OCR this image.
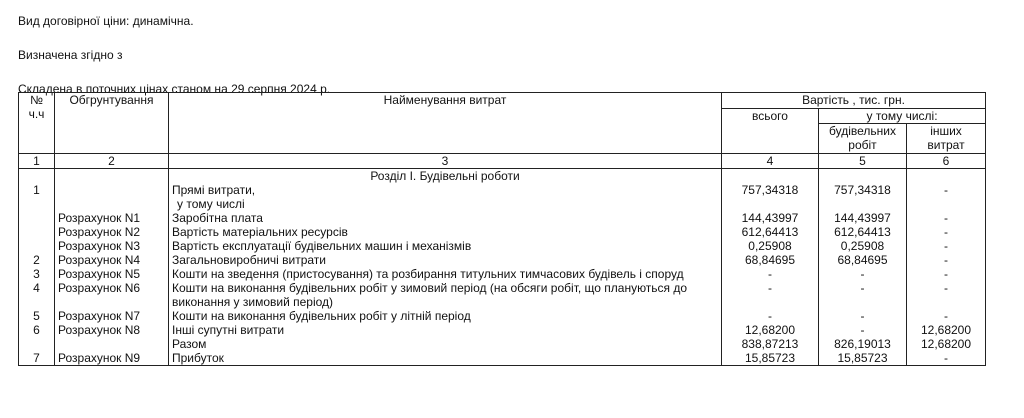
Вид договірної ціни: динамічна.
Визначена згідно з
Складена в поточних цінах станом на 29 серпня 2024 р.
№ ч.ч	Обгрунтування	Найменування витрат	Вартість , тис. грн.		
			всього	у тому числі:	
				будівельних робіт	інших витрат
1	2	3	4	5	6
		Розділ І. Будівельні роботи			
1		Прямі витрати,	757,34318	757,34318	-
		у тому числі			
	Розрахунок N1	Заробітна плата	144,43997	144,43997	-
	Розрахунок N2	Вартість матеріальних ресурсів	612,64413	612,64413	-
	Розрахунок N3	Вартість експлуатації будівельних машин і механізмів	0,25908	0,25908	-
2	Розрахунок N4	Загальновиробничі витрати	68,84695	68,84695	-
3	Розрахунок N5	Кошти на зведення (пристосування) та розбирання титульних тимчасових будівель і споруд	-	-	-
4	Розрахунок N6	Кошти на виконання будівельних робіт у зимовий період (на обсяги робіт, що плануються до виконання у зимовий період)	-	-	-
5	Розрахунок N7	Кошти на виконання будівельних робіт у літній період	-	-	-
6	Розрахунок N8	Інші супутні витрати	12,68200	-	12,68200
		Разом	838,87213	826,19013	12,68200
7	Розрахунок N9	Прибуток	15,85723	15,85723	-
